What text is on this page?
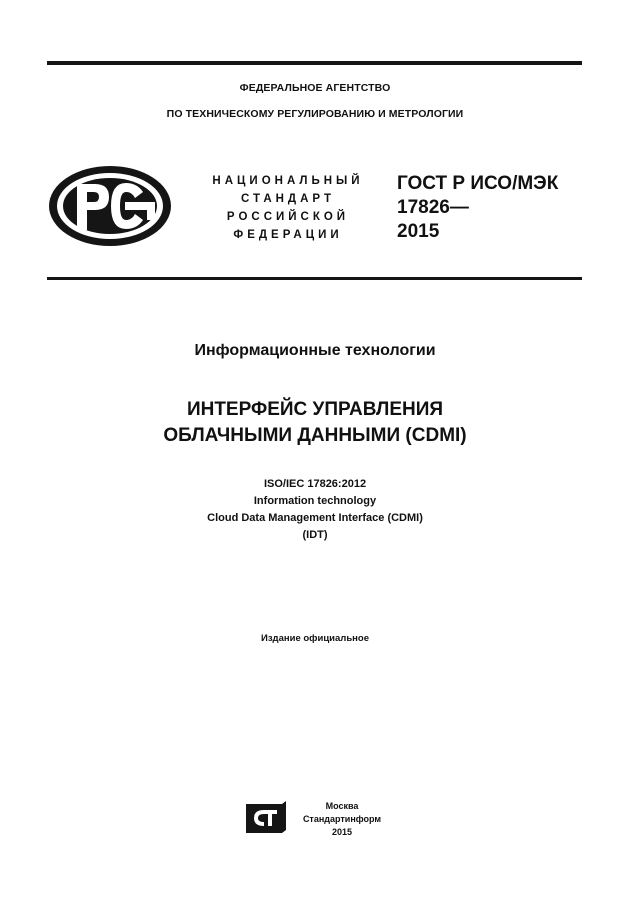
ФЕДЕРАЛЬНОЕ АГЕНТСТВО
ПО ТЕХНИЧЕСКОМУ РЕГУЛИРОВАНИЮ И МЕТРОЛОГИИ
НАЦИОНАЛЬНЫЙ
СТАНДАРТ
РОССИЙСКОЙ
ФЕДЕРАЦИИ
ГОСТ Р ИСО/МЭК
17826—
2015
Информационные технологии
ИНТЕРФЕЙС УПРАВЛЕНИЯ
ОБЛАЧНЫМИ ДАННЫМИ (CDMI)
ISO/IEC 17826:2012
Information technology
Cloud Data Management Interface (CDMI)
(IDT)
Издание официальное
Москва
Стандартинформ
2015
